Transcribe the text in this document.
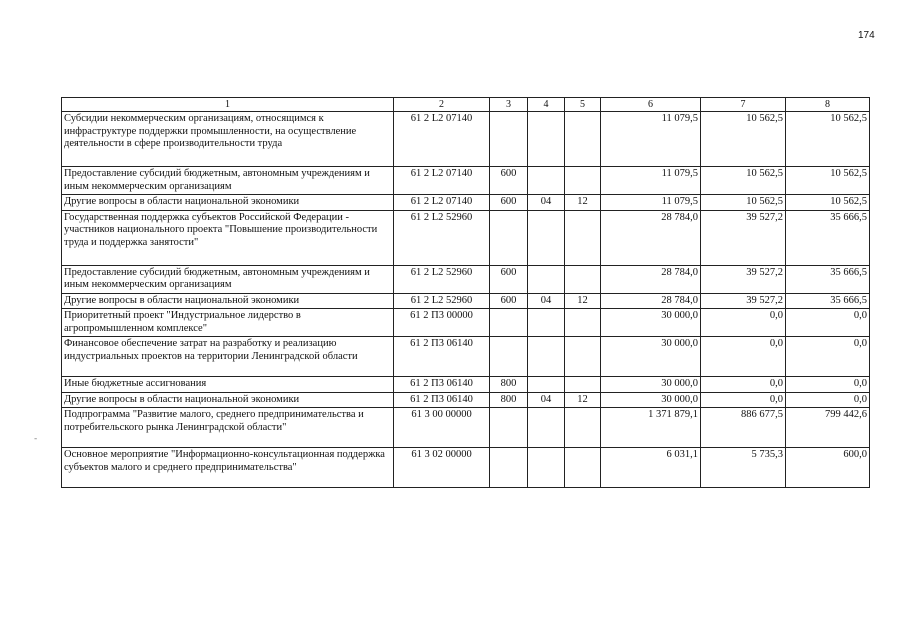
174
1	2	3	4	5	6	7	8
Субсидии некоммерческим организациям, относящимся к инфраструктуре поддержки промышленности, на осуществление деятельности в сфере производительности труда	61 2 L2 07140				11 079,5	10 562,5	10 562,5
Предоставление субсидий бюджетным, автономным учреждениям и иным некоммерческим организациям	61 2 L2 07140	600			11 079,5	10 562,5	10 562,5
Другие вопросы в области национальной экономики	61 2 L2 07140	600	04	12	11 079,5	10 562,5	10 562,5
Государственная поддержка субъектов Российской Федерации - участников национального проекта "Повышение производительности труда и поддержка занятости"	61 2 L2 52960				28 784,0	39 527,2	35 666,5
Предоставление субсидий бюджетным, автономным учреждениям и иным некоммерческим организациям	61 2 L2 52960	600			28 784,0	39 527,2	35 666,5
Другие вопросы в области национальной экономики	61 2 L2 52960	600	04	12	28 784,0	39 527,2	35 666,5
Приоритетный проект "Индустриальное лидерство в агропромышленном комплексе"	61 2 П3 00000				30 000,0	0,0	0,0
Финансовое обеспечение затрат на разработку и реализацию индустриальных проектов на территории Ленинградской области	61 2 П3 06140				30 000,0	0,0	0,0
Иные бюджетные ассигнования	61 2 П3 06140	800			30 000,0	0,0	0,0
Другие вопросы в области национальной экономики	61 2 П3 06140	800	04	12	30 000,0	0,0	0,0
Подпрограмма "Развитие малого, среднего предпринимательства и потребительского рынка Ленинградской области"	61 3 00 00000				1 371 879,1	886 677,5	799 442,6
Основное мероприятие "Информационно-консультационная поддержка субъектов малого и среднего предпринимательства"	61 3 02 00000				6 031,1	5 735,3	600,0
-
